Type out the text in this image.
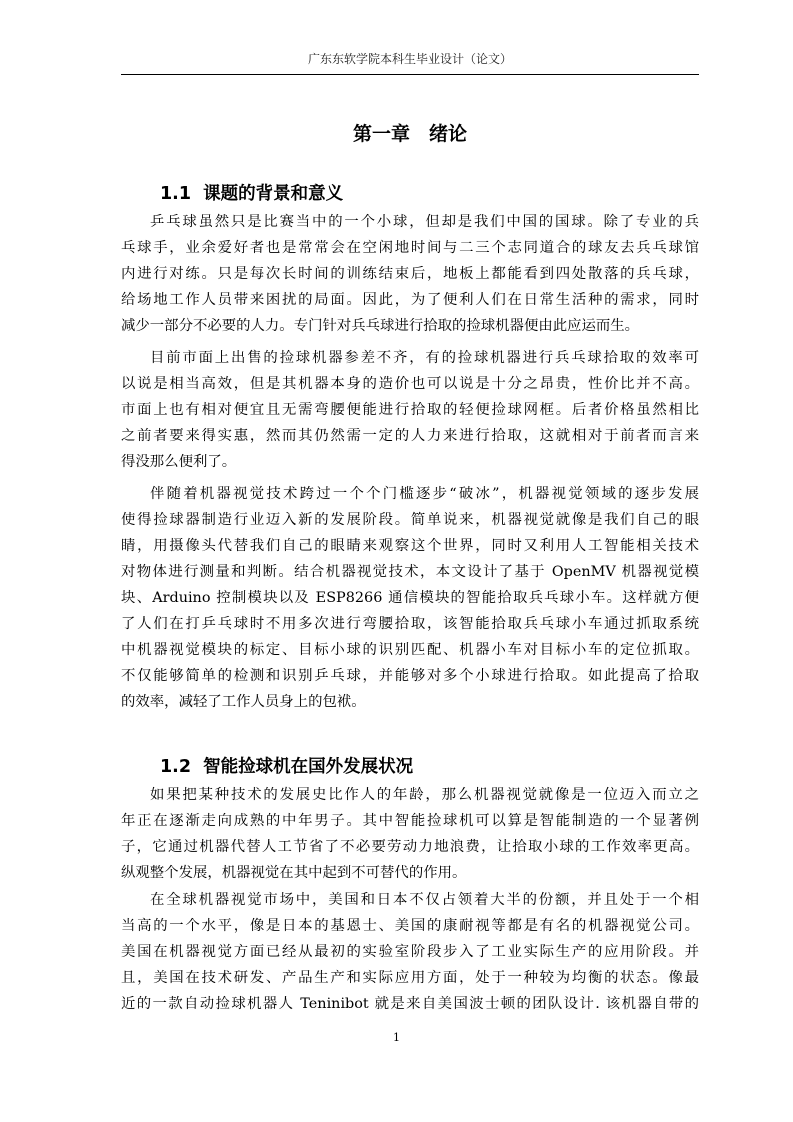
广东东软学院本科生毕业设计（论文）
第一章　绪论
1.1  课题的背景和意义
乒乓球虽然只是比赛当中的一个小球，但却是我们中国的国球。除了专业的兵
乓球手，业余爱好者也是常常会在空闲地时间与二三个志同道合的球友去兵乓球馆
内进行对练。只是每次长时间的训练结束后，地板上都能看到四处散落的兵乓球，
给场地工作人员带来困扰的局面。因此，为了便利人们在日常生活种的需求，同时
减少一部分不必要的人力。专门针对兵乓球进行拾取的捡球机器便由此应运而生。
目前市面上出售的捡球机器参差不齐，有的捡球机器进行兵乓球拾取的效率可
以说是相当高效，但是其机器本身的造价也可以说是十分之昂贵，性价比并不高。
市面上也有相对便宜且无需弯腰便能进行拾取的轻便捡球网框。后者价格虽然相比
之前者要来得实惠，然而其仍然需一定的人力来进行拾取，这就相对于前者而言来
得没那么便利了。
伴随着机器视觉技术跨过一个个门槛逐步“破冰”，机器视觉领域的逐步发展
使得捡球器制造行业迈入新的发展阶段。简单说来，机器视觉就像是我们自己的眼
睛，用摄像头代替我们自己的眼睛来观察这个世界，同时又利用人工智能相关技术
对物体进行测量和判断。结合机器视觉技术，本文设计了基于 OpenMV 机器视觉模
块、Arduino 控制模块以及 ESP8266 通信模块的智能拾取兵乓球小车。这样就方便
了人们在打乒乓球时不用多次进行弯腰拾取，该智能拾取兵乓球小车通过抓取系统
中机器视觉模块的标定、目标小球的识别匹配、机器小车对目标小车的定位抓取。
不仅能够简单的检测和识别乒乓球，并能够对多个小球进行拾取。如此提高了拾取
的效率，减轻了工作人员身上的包袱。
1.2  智能捡球机在国外发展状况
如果把某种技术的发展史比作人的年龄，那么机器视觉就像是一位迈入而立之
年正在逐渐走向成熟的中年男子。其中智能捡球机可以算是智能制造的一个显著例
子，它通过机器代替人工节省了不必要劳动力地浪费，让拾取小球的工作效率更高。
纵观整个发展，机器视觉在其中起到不可替代的作用。
在全球机器视觉市场中，美国和日本不仅占领着大半的份额，并且处于一个相
当高的一个水平，像是日本的基恩士、美国的康耐视等都是有名的机器视觉公司。
美国在机器视觉方面已经从最初的实验室阶段步入了工业实际生产的应用阶段。并
且，美国在技术研发、产品生产和实际应用方面，处于一种较为均衡的状态。像最
近的一款自动捡球机器人 Teninibot 就是来自美国波士顿的团队设计. 该机器自带的
1
